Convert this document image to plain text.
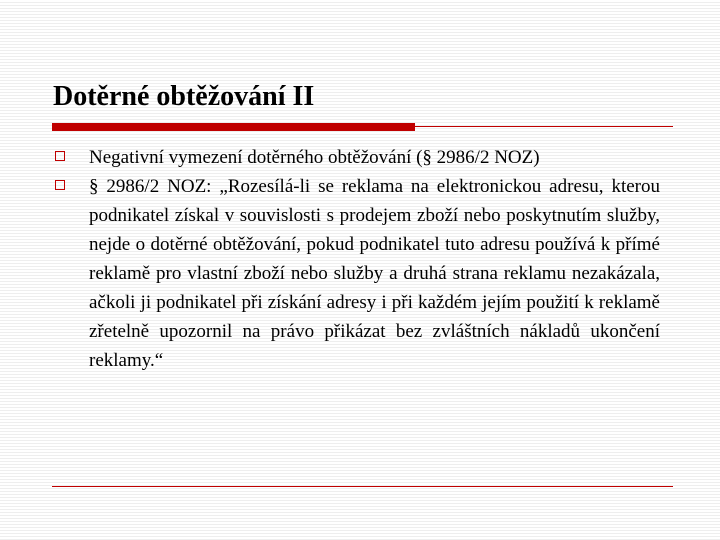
Dotěrné obtěžování II
Negativní vymezení dotěrného obtěžování (§ 2986/2 NOZ)
§ 2986/2 NOZ: „Rozesílá-li se reklama na elektronickou adresu, kterou podnikatel získal v souvislosti s prodejem zboží nebo poskytnutím služby, nejde o dotěrné obtěžování, pokud podnikatel tuto adresu používá k přímé reklamě pro vlastní zboží nebo služby a druhá strana reklamu nezakázala, ačkoli ji podnikatel při získání adresy i při každém jejím použití k reklamě zřetelně upozornil na právo přikázat bez zvláštních nákladů ukončení reklamy.“
